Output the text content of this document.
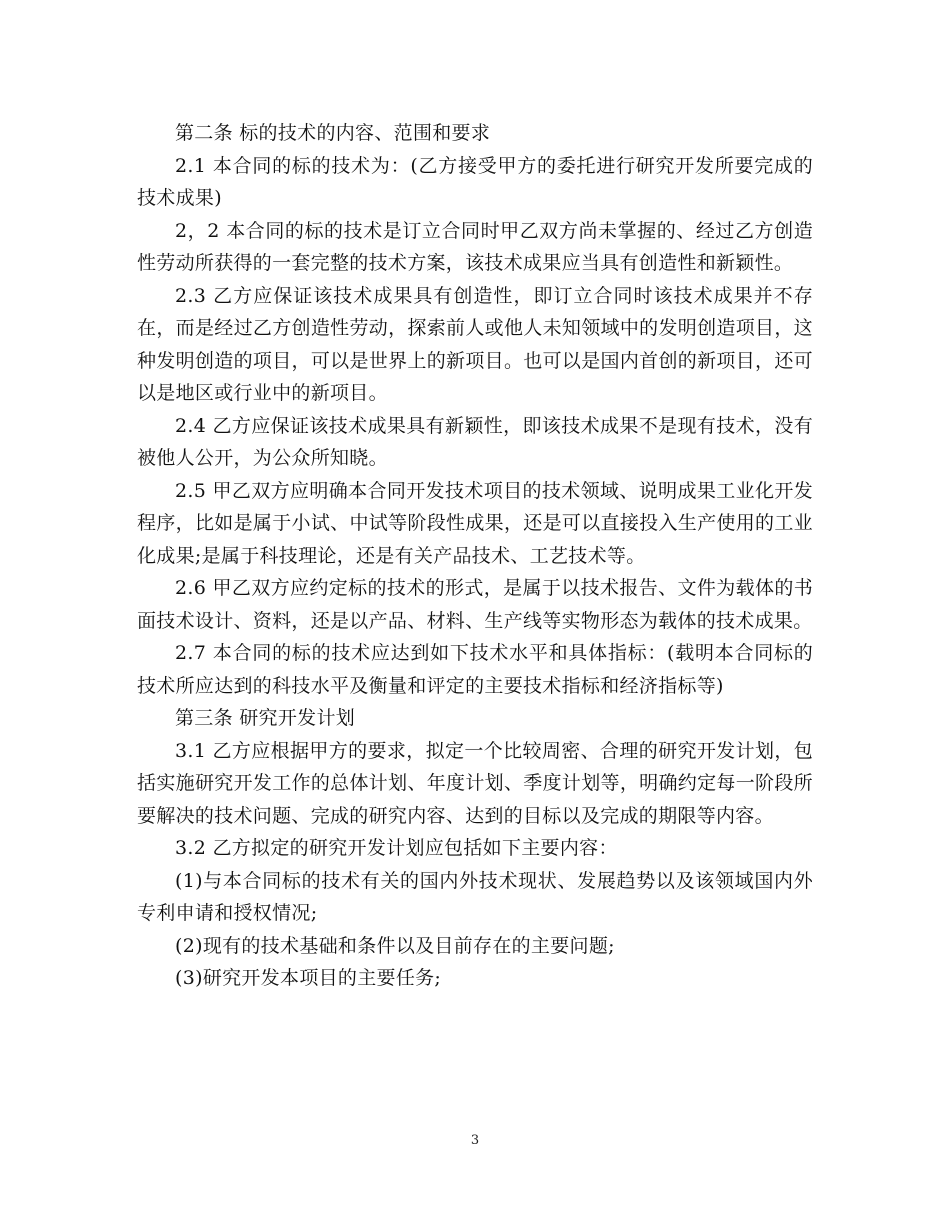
第二条 标的技术的内容、范围和要求

2.1 本合同的标的技术为：(乙方接受甲方的委托进行研究开发所要完成的技术成果)

2，2 本合同的标的技术是订立合同时甲乙双方尚未掌握的、经过乙方创造性劳动所获得的一套完整的技术方案，该技术成果应当具有创造性和新颖性。

2.3 乙方应保证该技术成果具有创造性，即订立合同时该技术成果并不存在，而是经过乙方创造性劳动，探索前人或他人未知领域中的发明创造项目，这种发明创造的项目，可以是世界上的新项目。也可以是国内首创的新项目，还可以是地区或行业中的新项目。

2.4 乙方应保证该技术成果具有新颖性，即该技术成果不是现有技术，没有被他人公开，为公众所知晓。

2.5 甲乙双方应明确本合同开发技术项目的技术领域、说明成果工业化开发程序，比如是属于小试、中试等阶段性成果，还是可以直接投入生产使用的工业化成果;是属于科技理论，还是有关产品技术、工艺技术等。

2.6 甲乙双方应约定标的技术的形式，是属于以技术报告、文件为载体的书面技术设计、资料，还是以产品、材料、生产线等实物形态为载体的技术成果。

2.7 本合同的标的技术应达到如下技术水平和具体指标：(载明本合同标的技术所应达到的科技水平及衡量和评定的主要技术指标和经济指标等)

第三条 研究开发计划

3.1 乙方应根据甲方的要求，拟定一个比较周密、合理的研究开发计划，包括实施研究开发工作的总体计划、年度计划、季度计划等，明确约定每一阶段所要解决的技术问题、完成的研究内容、达到的目标以及完成的期限等内容。

3.2 乙方拟定的研究开发计划应包括如下主要内容：

(1)与本合同标的技术有关的国内外技术现状、发展趋势以及该领域国内外专利申请和授权情况;

(2)现有的技术基础和条件以及目前存在的主要问题;

(3)研究开发本项目的主要任务;

3
